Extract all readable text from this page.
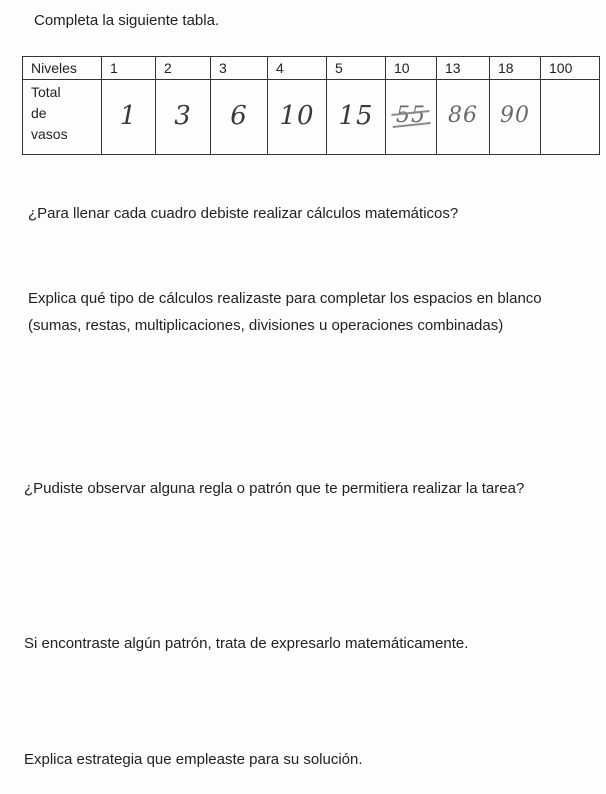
Completa la siguiente tabla.
Niveles	1	2	3	4	5	10	13	18	100

Total
de
vasos	1	3	6	10	15	55	86	90	
¿Para llenar cada cuadro debiste realizar cálculos matemáticos?
Explica qué tipo de cálculos realizaste para completar los espacios en blanco (sumas, restas, multiplicaciones, divisiones u operaciones combinadas)
¿Pudiste observar alguna regla o patrón que te permitiera realizar la tarea?
Si encontraste algún patrón, trata de expresarlo matemáticamente.
Explica estrategia que empleaste para su solución.
